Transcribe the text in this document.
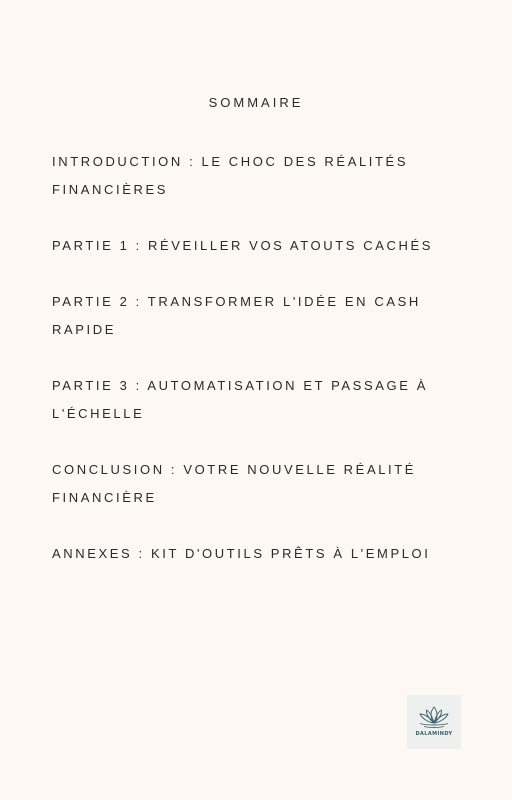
SOMMAIRE
INTRODUCTION : LE CHOC DES RÉALITÉS
FINANCIÈRES
PARTIE 1 : RÉVEILLER VOS ATOUTS CACHÉS
PARTIE 2 : TRANSFORMER L'IDÉE EN CASH
RAPIDE
PARTIE 3 : AUTOMATISATION ET PASSAGE À
L'ÉCHELLE
CONCLUSION : VOTRE NOUVELLE RÉALITÉ
FINANCIÈRE
ANNEXES : KIT D'OUTILS PRÊTS À L'EMPLOI
DALAMINDY
